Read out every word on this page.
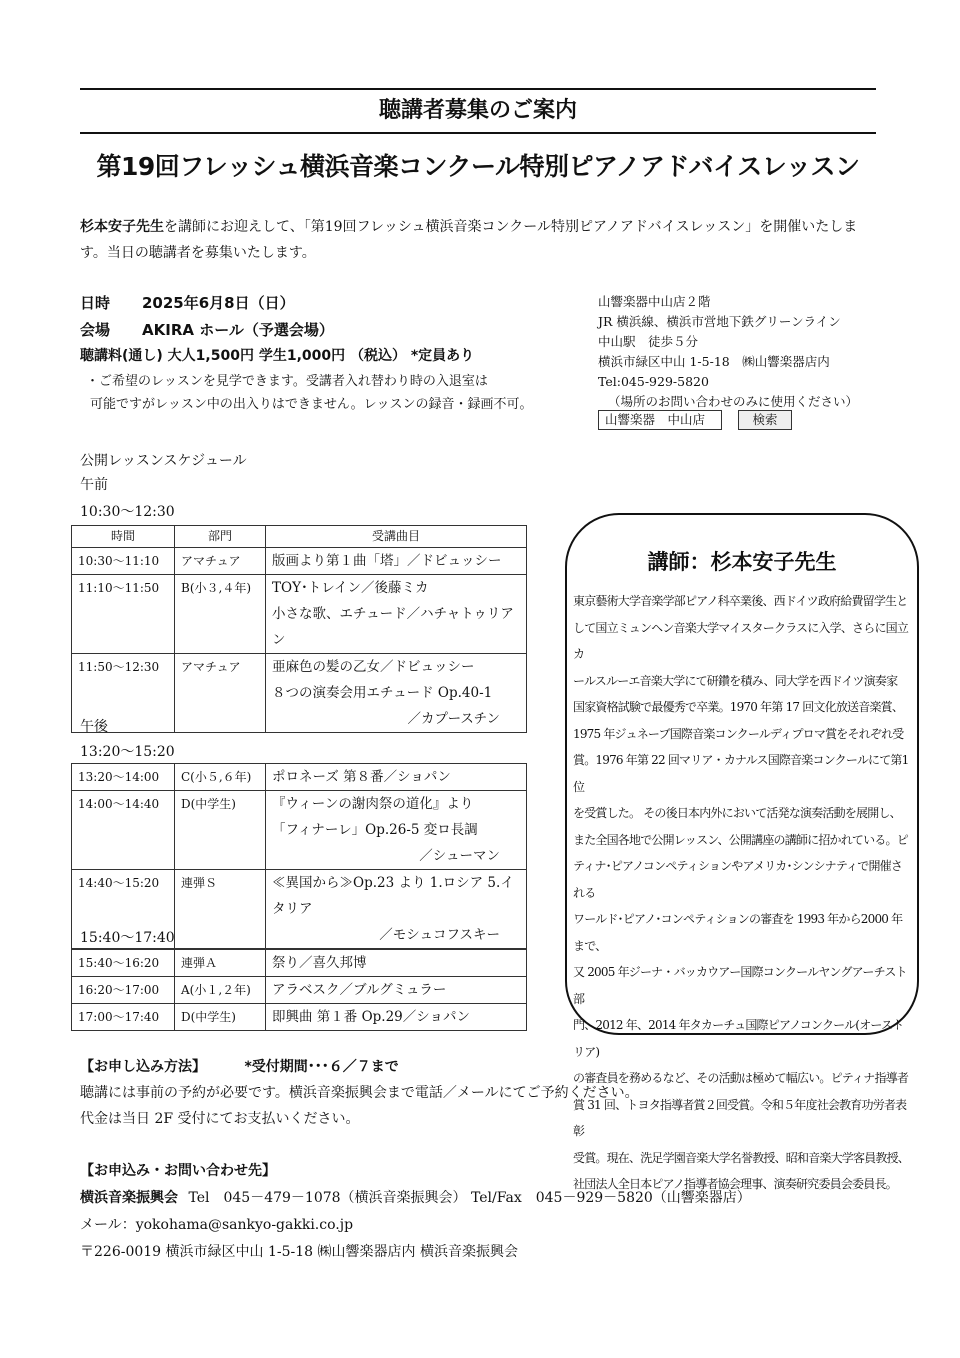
聴講者募集のご案内
第19回フレッシュ横浜音楽コンクール特別ピアノアドバイスレッスン
杉本安子先生を講師にお迎えして、「第19回フレッシュ横浜音楽コンクール特別ピアノアドバイスレッスン」を開催いたしま
す。当日の聴講者を募集いたします。
日時 2025年6月8日（日）
会場 AKIRA ホール（予選会場）
聴講料(通し) 大人1,500円 学生1,000円 （税込） *定員あり
・ご希望のレッスンを見学できます。受講者入れ替わり時の入退室は
可能ですがレッスン中の出入りはできません。レッスンの録音・録画不可。
山響楽器中山店２階
JR 横浜線、横浜市営地下鉄グリーンライン
中山駅　徒歩５分
横浜市緑区中山 1-5-18　㈱山響楽器店内
Tel:045-929-5820
（場所のお問い合わせのみに使用ください）
山響楽器　中山店	検索
公開レッスンスケジュール
午前
10:30～12:30
時間	部門	受講曲目
10:30～11:10	アマチュア	版画より第１曲「塔」／ドビュッシー

11:10～11:50	B(小３,４年)	TOY･トレイン／後藤ミカ
小さな歌、エチュード／ハチャトゥリアン

11:50～12:30	アマチュア	亜麻色の髪の乙女／ドビュッシー
８つの演奏会用エチュード Op.40-1
／カプースチン
午後
13:20～15:20
13:20～14:00	C(小５,６年)	ポロネーズ 第８番／ショパン

14:00～14:40	D(中学生)	『ウィーンの謝肉祭の道化』より
「フィナーレ」Op.26-5 変ロ長調
／シューマン

14:40～15:20	連弾Ｓ	≪異国から≫Op.23 より 1.ロシア 5.イタリア
／モシュコフスキー
15:40～17:40
15:40～16:20	連弾Ａ	祭り／喜久邦博

16:20～17:00	A(小１,２年)	アラベスク／ブルグミュラー

17:00～17:40	D(中学生)	即興曲 第１番 Op.29／ショパン
講師：杉本安子先生
東京藝術大学音楽学部ピアノ科卒業後、西ドイツ政府給費留学生と
して国立ミュンヘン音楽大学マイスタークラスに入学、さらに国立カ
ールスルーエ音楽大学にて研鑽を積み、同大学を西ドイツ演奏家
国家資格試験で最優秀で卒業。1970 年第 17 回文化放送音楽賞、
1975 年ジュネーブ国際音楽コンクールディプロマ賞をそれぞれ受
賞。1976 年第 22 回マリア・カナルス国際音楽コンクールにて第1位
を受賞した。 その後日本内外において活発な演奏活動を展開し、
また全国各地で公開レッスン、公開講座の講師に招かれている。ピ
ティナ･ピアノコンペティションやアメリカ･シンシナティで開催される
ワールド･ピアノ･コンペティションの審査を 1993 年から2000 年まで、
又 2005 年ジーナ・バッカウアー国際コンクールヤングアーチスト部
門、2012 年、2014 年タカーチュ国際ピアノコンクール(オーストリア)
の審査員を務めるなど、その活動は極めて幅広い。ピティナ指導者
賞 31 回、トヨタ指導者賞２回受賞。令和５年度社会教育功労者表彰
受賞。現在、洗足学園音楽大学名誉教授、昭和音楽大学客員教授、
社団法人全日本ピアノ指導者協会理事、演奏研究委員会委員長。
【お申し込み方法】	*受付期間･･･６／７まで
聴講には事前の予約が必要です。横浜音楽振興会まで電話／メールにてご予約ください。
代金は当日 2F 受付にてお支払いください。
【お申込み・お問い合わせ先】
横浜音楽振興会 Tel　045－479－1078（横浜音楽振興会） Tel/Fax　045－929－5820（山響楽器店）
メール：yokohama@sankyo-gakki.co.jp
〒226-0019 横浜市緑区中山 1-5-18 ㈱山響楽器店内 横浜音楽振興会
